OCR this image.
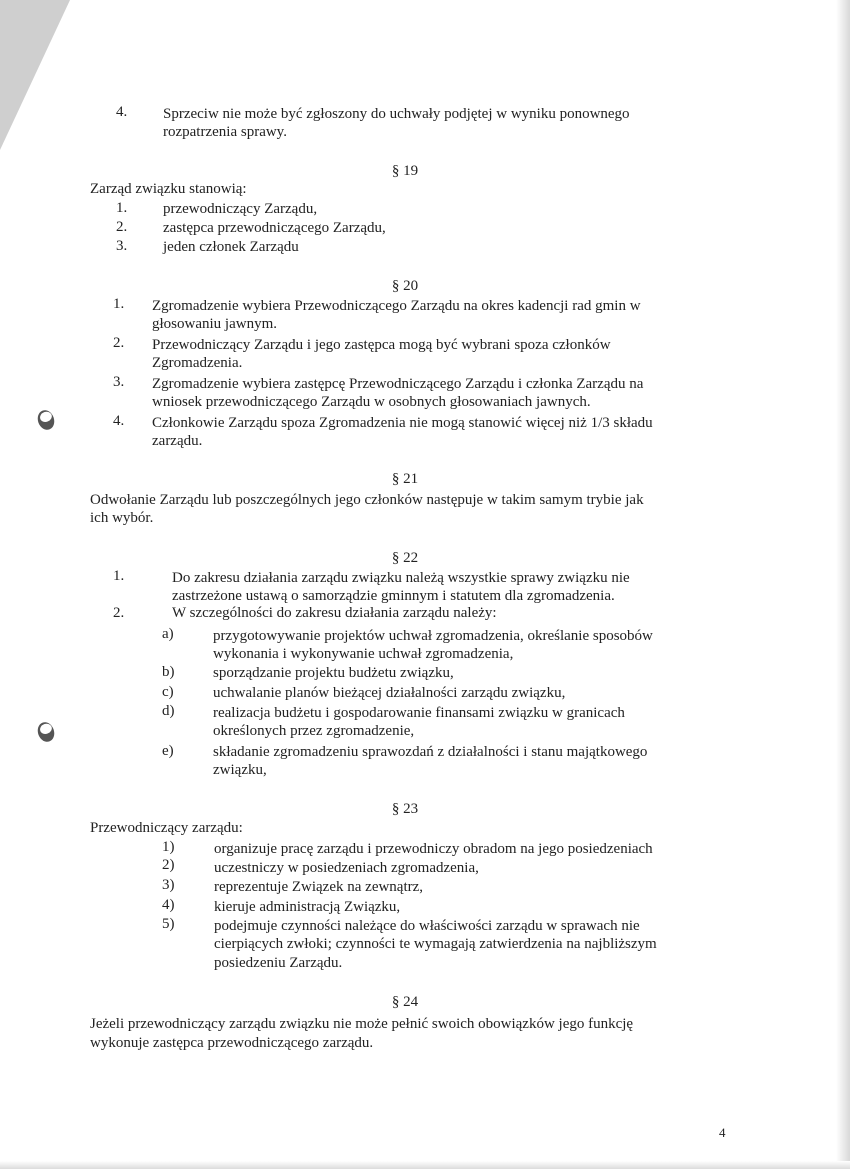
4. Sprzeciw nie może być zgłoszony do uchwały podjętej w wyniku ponownego
rozpatrzenia sprawy.
§ 19
Zarząd związku stanowią:
1. przewodniczący Zarządu,
2. zastępca przewodniczącego Zarządu,
3. jeden członek Zarządu
§ 20
1. Zgromadzenie wybiera Przewodniczącego Zarządu na okres kadencji rad gmin w
głosowaniu jawnym.
2. Przewodniczący Zarządu i jego zastępca mogą być wybrani spoza członków
Zgromadzenia.
3. Zgromadzenie wybiera zastępcę Przewodniczącego Zarządu i członka Zarządu na
wniosek przewodniczącego Zarządu w osobnych głosowaniach jawnych.
4. Członkowie Zarządu spoza Zgromadzenia nie mogą stanowić więcej niż 1/3 składu
zarządu.
§ 21
Odwołanie Zarządu lub poszczególnych jego członków następuje w takim samym trybie jak
ich wybór.
§ 22
1.	Do zakresu działania zarządu związku należą wszystkie sprawy związku nie
zastrzeżone ustawą o samorządzie gminnym i statutem dla zgromadzenia.
2.	W szczególności do zakresu działania zarządu należy:
a)	przygotowywanie projektów uchwał zgromadzenia, określanie sposobów
wykonania i wykonywanie uchwał zgromadzenia,
b)	sporządzanie projektu budżetu związku,
c)	uchwalanie planów bieżącej działalności zarządu związku,
d)	realizacja budżetu i gospodarowanie finansami związku w granicach
określonych przez zgromadzenie,
e)	składanie zgromadzeniu sprawozdań z działalności i stanu majątkowego
związku,
§ 23
Przewodniczący zarządu:
1)	organizuje pracę zarządu i przewodniczy obradom na jego posiedzeniach
2)	uczestniczy w posiedzeniach zgromadzenia,
3)	reprezentuje Związek na zewnątrz,
4)	kieruje administracją Związku,
5)	podejmuje czynności należące do właściwości zarządu w sprawach nie
cierpiących zwłoki; czynności te wymagają zatwierdzenia na najbliższym
posiedzeniu Zarządu.
§ 24
Jeżeli przewodniczący zarządu związku nie może pełnić swoich obowiązków jego funkcję
wykonuje zastępca przewodniczącego zarządu.
4
